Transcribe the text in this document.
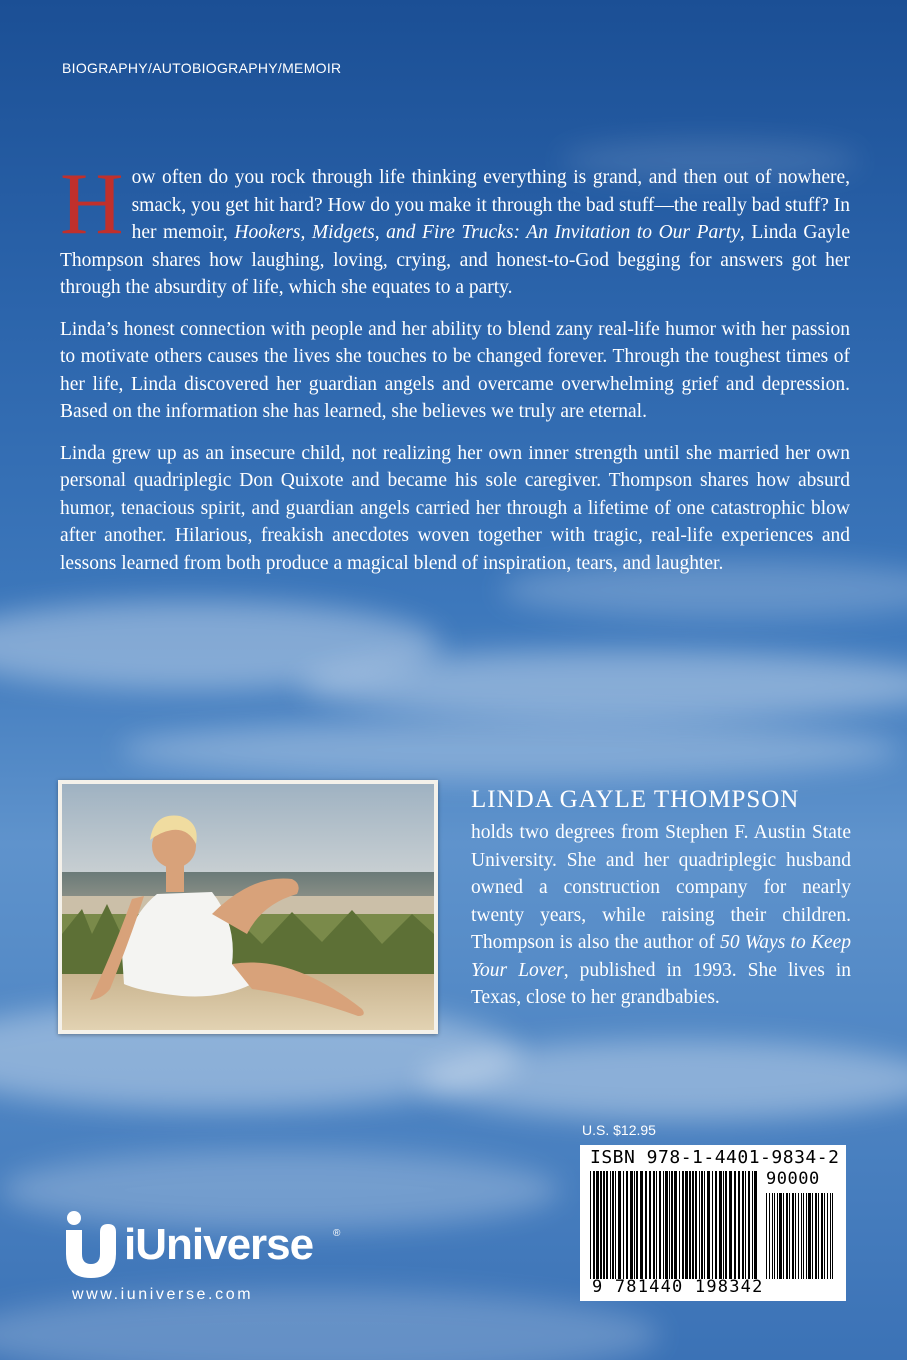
BIOGRAPHY/AUTOBIOGRAPHY/MEMOIR

How often do you rock through life thinking everything is grand, and then out of nowhere, smack, you get hit hard? How do you make it through the bad stuff—the really bad stuff? In her memoir, Hookers, Midgets, and Fire Trucks: An Invitation to Our Party, Linda Gayle Thompson shares how laughing, loving, crying, and honest-to-God begging for answers got her through the absurdity of life, which she equates to a party.

Linda’s honest connection with people and her ability to blend zany real-life humor with her passion to motivate others causes the lives she touches to be changed forever. Through the toughest times of her life, Linda discovered her guardian angels and overcame overwhelming grief and depression. Based on the information she has learned, she believes we truly are eternal.

Linda grew up as an insecure child, not realizing her own inner strength until she married her own personal quadriplegic Don Quixote and became his sole caregiver. Thompson shares how absurd humor, tenacious spirit, and guardian angels carried her through a lifetime of one catastrophic blow after another. Hilarious, freakish anecdotes woven together with tragic, real-life experiences and lessons learned from both produce a magical blend of inspiration, tears, and laughter.

LINDA GAYLE THOMPSON
holds two degrees from Stephen F. Austin State University. She and her quadriplegic husband owned a construction company for nearly twenty years, while raising their children. Thompson is also the author of 50 Ways to Keep Your Lover, published in 1993. She lives in Texas, close to her grandbabies.
U.S. $12.95
ISBN 978-1-4401-9834-2
90000
9 781440 198342
iUniverse ®
www.iuniverse.com
